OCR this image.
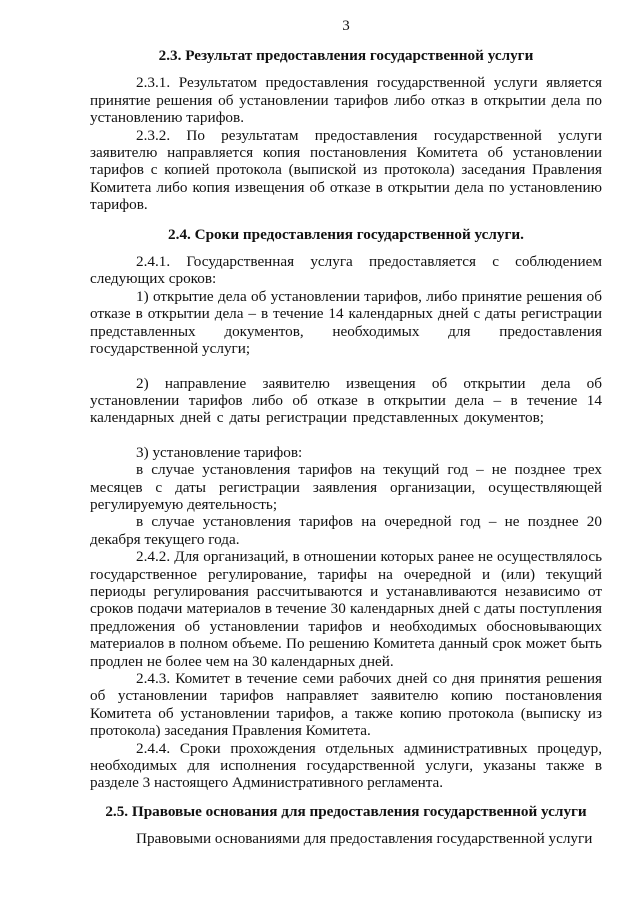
3
2.3. Результат предоставления государственной услуги

2.3.1. Результатом предоставления государственной услуги является принятие решения об установлении тарифов либо отказ в открытии дела по установлению тарифов.

2.3.2. По результатам предоставления государственной услуги заявителю направляется копия постановления Комитета об установлении тарифов с копией протокола (выпиской из протокола) заседания Правления Комитета либо копия извещения об отказе в открытии дела по установлению тарифов.

2.4. Сроки предоставления государственной услуги.

2.4.1. Государственная услуга предоставляется с соблюдением следующих сроков:

1) открытие дела об установлении тарифов, либо принятие решения об отказе в открытии дела – в течение 14 календарных дней с даты регистрации представленных документов, необходимых для предоставления государственной услуги;

2) направление заявителю извещения об открытии дела об установлении тарифов либо об отказе в открытии дела – в течение 14 календарных дней с даты регистрации представленных документов;

3) установление тарифов:

в случае установления тарифов на текущий год – не позднее трех месяцев с даты регистрации заявления организации, осуществляющей регулируемую деятельность;

в случае установления тарифов на очередной год – не позднее 20 декабря текущего года.

2.4.2. Для организаций, в отношении которых ранее не осуществлялось государственное регулирование, тарифы на очередной и (или) текущий периоды регулирования рассчитываются и устанавливаются независимо от сроков подачи материалов в течение 30 календарных дней с даты поступления предложения об установлении тарифов и необходимых обосновывающих материалов в полном объеме. По решению Комитета данный срок может быть продлен не более чем на 30 календарных дней.

2.4.3. Комитет в течение семи рабочих дней со дня принятия решения об установлении тарифов направляет заявителю копию постановления Комитета об установлении тарифов, а также копию протокола (выписку из протокола) заседания Правления Комитета.

2.4.4. Сроки прохождения отдельных административных процедур, необходимых для исполнения государственной услуги, указаны также в разделе 3 настоящего Административного регламента.

2.5. Правовые основания для предоставления государственной услуги

Правовыми основаниями для предоставления государственной услуги
